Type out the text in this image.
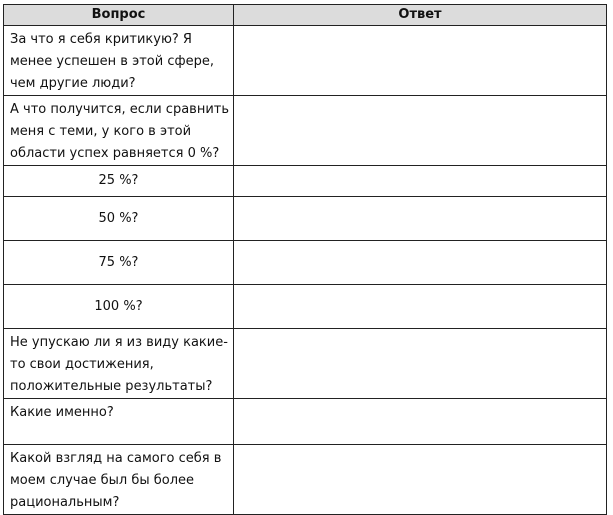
Вопрос	Ответ
За что я себя критикую? Я менее успешен в этой сфере, чем другие люди?	
А что получится, если сравнить меня с теми, у кого в этой области успех равняется 0 %?	
25 %?	
50 %?	
75 %?	
100 %?	
Не упускаю ли я из виду какие-то свои достижения, положительные результаты?	
Какие именно?	
Какой взгляд на самого себя в моем случае был бы более рациональным?	
